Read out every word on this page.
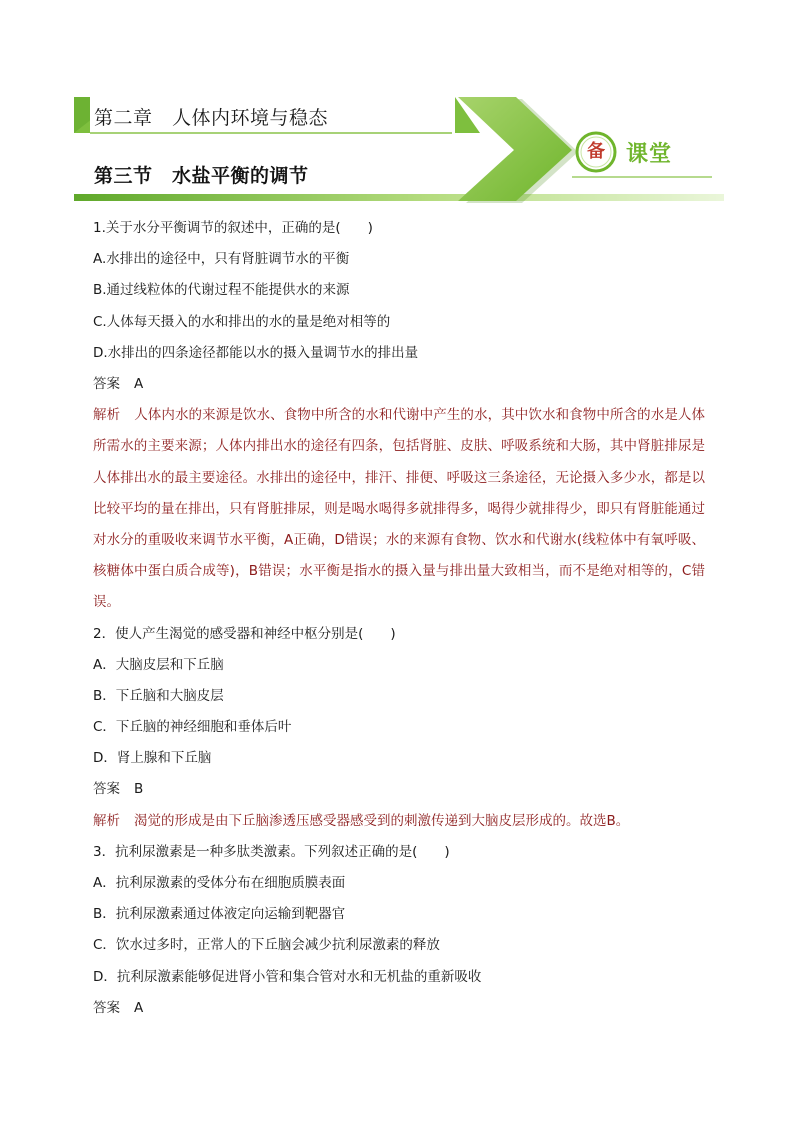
第二章　人体内环境与稳态
第三节　水盐平衡的调节
备 课堂
1.关于水分平衡调节的叙述中，正确的是(　　)
A.水排出的途径中，只有肾脏调节水的平衡
B.通过线粒体的代谢过程不能提供水的来源
C.人体每天摄入的水和排出的水的量是绝对相等的
D.水排出的四条途径都能以水的摄入量调节水的排出量
答案 A
解析 人体内水的来源是饮水、食物中所含的水和代谢中产生的水，其中饮水和食物中所含的水是人体所需水的主要来源；人体内排出水的途径有四条，包括肾脏、皮肤、呼吸系统和大肠，其中肾脏排尿是人体排出水的最主要途径。水排出的途径中，排汗、排便、呼吸这三条途径，无论摄入多少水，都是以比较平均的量在排出，只有肾脏排尿，则是喝水喝得多就排得多，喝得少就排得少，即只有肾脏能通过对水分的重吸收来调节水平衡，A正确，D错误；水的来源有食物、饮水和代谢水(线粒体中有氧呼吸、核糖体中蛋白质合成等)，B错误；水平衡是指水的摄入量与排出量大致相当，而不是绝对相等的，C错误。
2．使人产生渴觉的感受器和神经中枢分别是(　　)
A．大脑皮层和下丘脑
B．下丘脑和大脑皮层
C．下丘脑的神经细胞和垂体后叶
D．肾上腺和下丘脑
答案 B
解析 渴觉的形成是由下丘脑渗透压感受器感受到的刺激传递到大脑皮层形成的。故选B。
3．抗利尿激素是一种多肽类激素。下列叙述正确的是(　　)
A．抗利尿激素的受体分布在细胞质膜表面
B．抗利尿激素通过体液定向运输到靶器官
C．饮水过多时，正常人的下丘脑会减少抗利尿激素的释放
D．抗利尿激素能够促进肾小管和集合管对水和无机盐的重新吸收
答案 A
